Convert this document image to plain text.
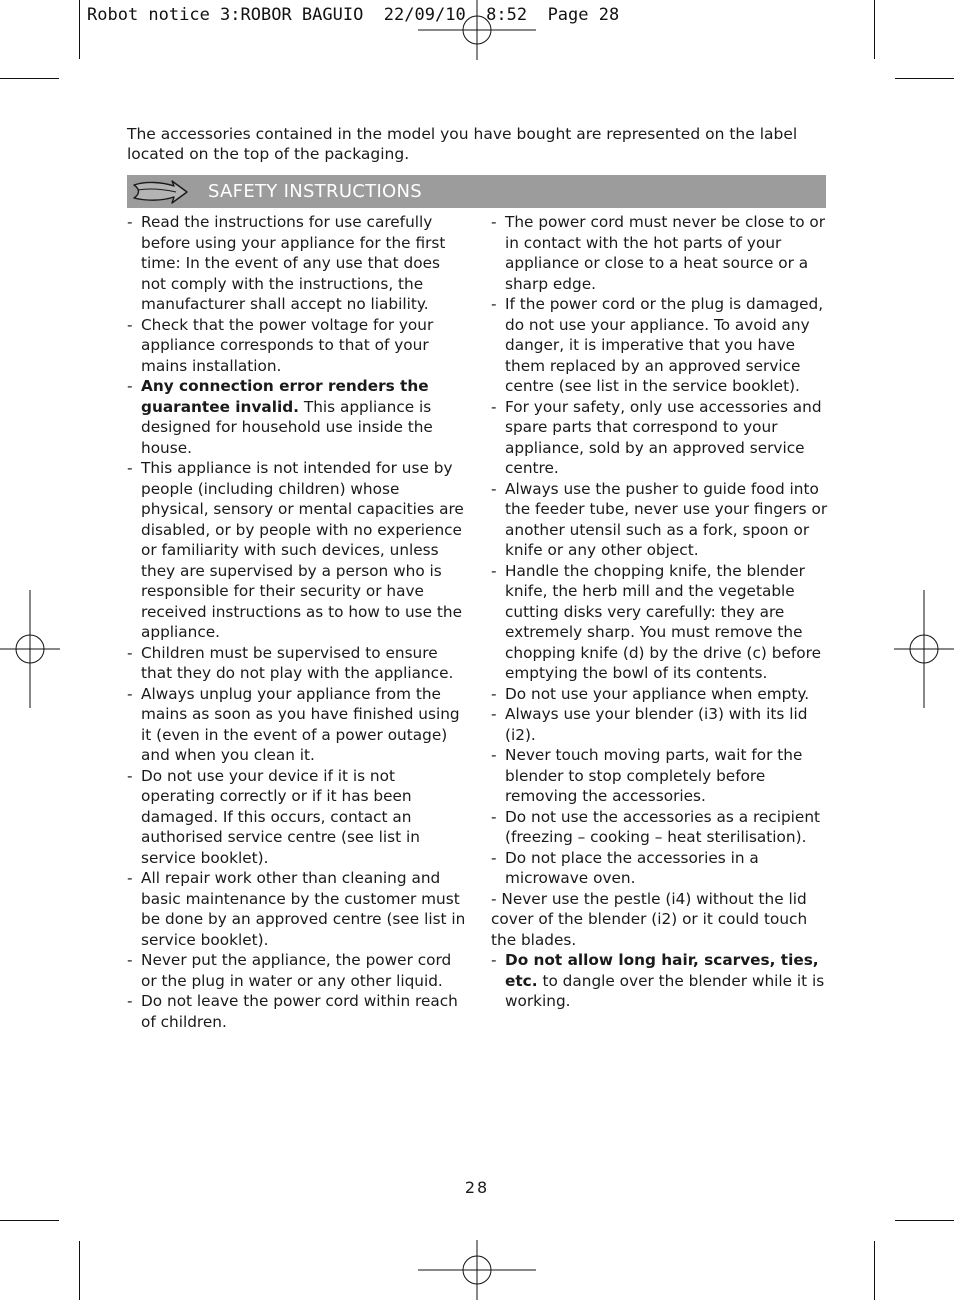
Robot notice 3:ROBOR BAGUIO  22/09/10  8:52  Page 28

The accessories contained in the model you have bought are represented on the label located on the top of the packaging.

SAFETY INSTRUCTIONS
- Read the instructions for use carefully before using your appliance for the first time: In the event of any use that does not comply with the instructions, the manufacturer shall accept no liability.
- Check that the power voltage for your appliance corresponds to that of your mains installation.
- Any connection error renders the guarantee invalid. This appliance is designed for household use inside the house.
- This appliance is not intended for use by people (including children) whose physical, sensory or mental capacities are disabled, or by people with no experience or familiarity with such devices, unless they are supervised by a person who is responsible for their security or have received instructions as to how to use the appliance.
- Children must be supervised to ensure that they do not play with the appliance.
- Always unplug your appliance from the mains as soon as you have finished using it (even in the event of a power outage) and when you clean it.
- Do not use your device if it is not operating correctly or if it has been damaged. If this occurs, contact an authorised service centre (see list in service booklet).
- All repair work other than cleaning and basic maintenance by the customer must be done by an approved centre (see list in service booklet).
- Never put the appliance, the power cord or the plug in water or any other liquid.
- Do not leave the power cord within reach of children.
- The power cord must never be close to or in contact with the hot parts of your appliance or close to a heat source or a sharp edge.
- If the power cord or the plug is damaged, do not use your appliance. To avoid any danger, it is imperative that you have them replaced by an approved service centre (see list in the service booklet).
- For your safety, only use accessories and spare parts that correspond to your appliance, sold by an approved service centre.
- Always use the pusher to guide food into the feeder tube, never use your fingers or another utensil such as a fork, spoon or knife or any other object.
- Handle the chopping knife, the blender knife, the herb mill and the vegetable cutting disks very carefully: they are extremely sharp. You must remove the chopping knife (d) by the drive (c) before emptying the bowl of its contents.
- Do not use your appliance when empty.
- Always use your blender (i3) with its lid (i2).
- Never touch moving parts, wait for the blender to stop completely before removing the accessories.
- Do not use the accessories as a recipient (freezing – cooking – heat sterilisation).
- Do not place the accessories in a microwave oven.
- Never use the pestle (i4) without the lid cover of the blender (i2) or it could touch the blades.
- Do not allow long hair, scarves, ties, etc. to dangle over the blender while it is working.
28
